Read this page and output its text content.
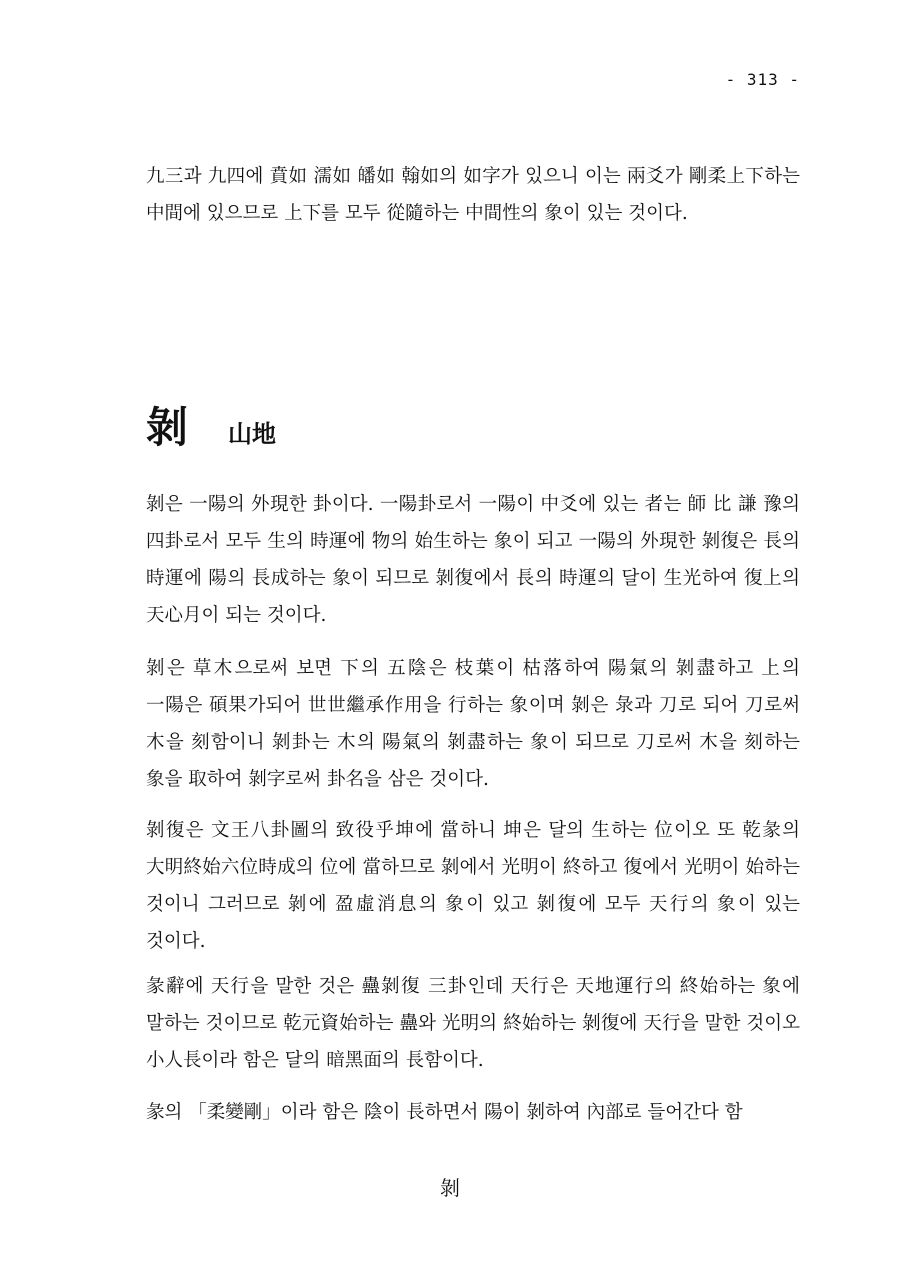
- 313 -

九三과 九四에 賁如 濡如 皤如 翰如의 如字가 있으니 이는 兩爻가 剛柔上下하는 中間에 있으므로 上下를 모두 從隨하는 中間性의 象이 있는 것이다.

剝 山地

剝은 一陽의 外現한 卦이다. 一陽卦로서 一陽이 中爻에 있는 者는 師 比 謙 豫의 四卦로서 모두 生의 時運에 物의 始生하는 象이 되고 一陽의 外現한 剝復은 長의 時運에 陽의 長成하는 象이 되므로 剝復에서 長의 時運의 달이 生光하여 復上의 天心月이 되는 것이다.

剝은 草木으로써 보면 下의 五陰은 枝葉이 枯落하여 陽氣의 剝盡하고 上의 一陽은 碩果가되어 世世繼承作用을 行하는 象이며 剝은 彔과 刀로 되어 刀로써 木을 刻함이니 剝卦는 木의 陽氣의 剝盡하는 象이 되므로 刀로써 木을 刻하는 象을 取하여 剝字로써 卦名을 삼은 것이다.

剝復은 文王八卦圖의 致役乎坤에 當하니 坤은 달의 生하는 位이오 또 乾彖의 大明終始六位時成의 位에 當하므로 剝에서 光明이 終하고 復에서 光明이 始하는 것이니 그러므로 剝에 盈虛消息의 象이 있고 剝復에 모두 天行의 象이 있는 것이다.

彖辭에 天行을 말한 것은 蠱剝復 三卦인데 天行은 天地運行의 終始하는 象에 말하는 것이므로 乾元資始하는 蠱와 光明의 終始하는 剝復에 天行을 말한 것이오 小人長이라 함은 달의 暗黑面의 長함이다.

彖의 「柔變剛」이라 함은 陰이 長하면서 陽이 剝하여 內部로 들어간다 함

剝
